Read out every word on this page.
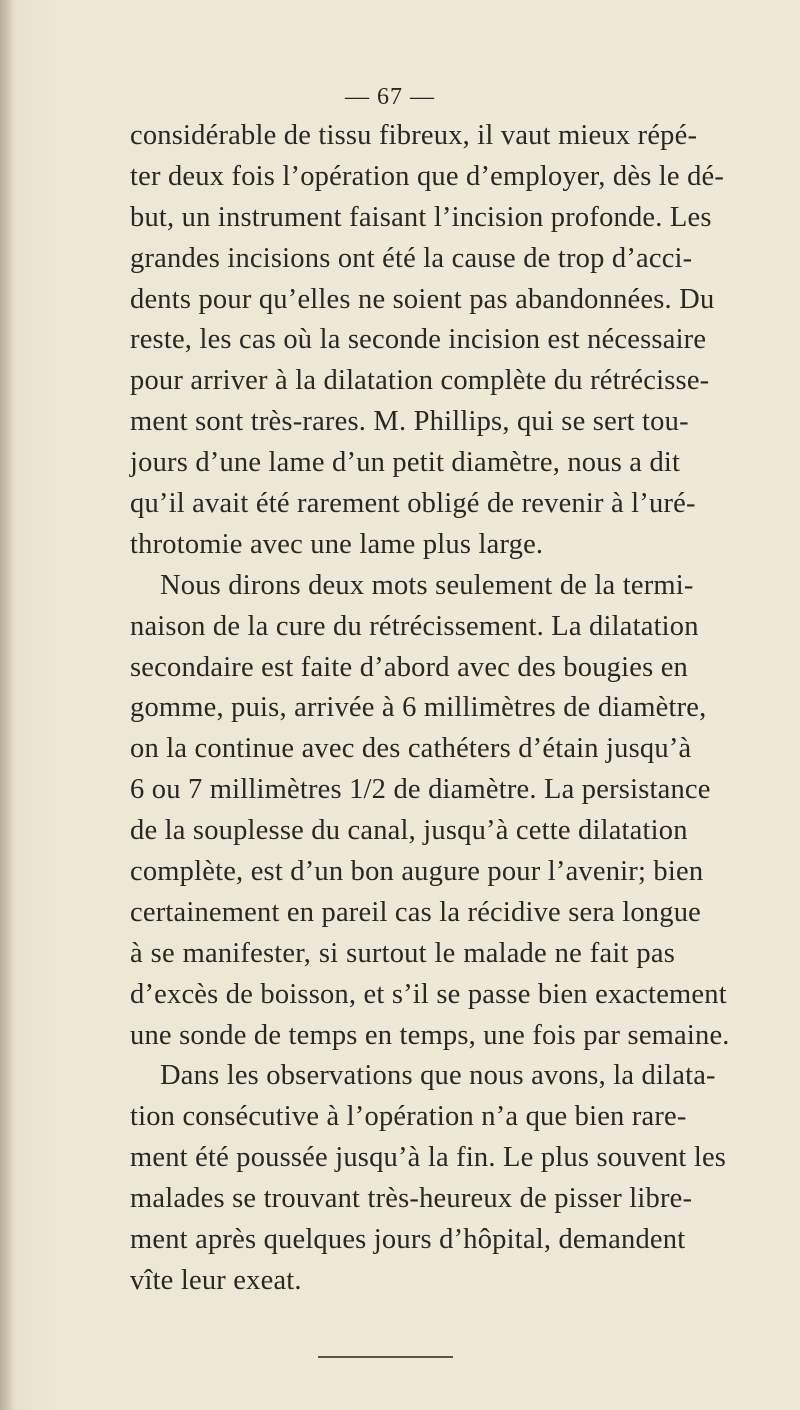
— 67 —
considérable de tissu fibreux, il vaut mieux répé-
ter deux fois l’opération que d’employer, dès le dé-
but, un instrument faisant l’incision profonde. Les
grandes incisions ont été la cause de trop d’acci-
dents pour qu’elles ne soient pas abandonnées. Du
reste, les cas où la seconde incision est nécessaire
pour arriver à la dilatation complète du rétrécisse-
ment sont très-rares. M. Phillips, qui se sert tou-
jours d’une lame d’un petit diamètre, nous a dit
qu’il avait été rarement obligé de revenir à l’uré-
throtomie avec une lame plus large.
Nous dirons deux mots seulement de la termi-
naison de la cure du rétrécissement. La dilatation
secondaire est faite d’abord avec des bougies en
gomme, puis, arrivée à 6 millimètres de diamètre,
on la continue avec des cathéters d’étain jusqu’à
6 ou 7 millimètres 1/2 de diamètre. La persistance
de la souplesse du canal, jusqu’à cette dilatation
complète, est d’un bon augure pour l’avenir; bien
certainement en pareil cas la récidive sera longue
à se manifester, si surtout le malade ne fait pas
d’excès de boisson, et s’il se passe bien exactement
une sonde de temps en temps, une fois par semaine.
Dans les observations que nous avons, la dilata-
tion consécutive à l’opération n’a que bien rare-
ment été poussée jusqu’à la fin. Le plus souvent les
malades se trouvant très-heureux de pisser libre-
ment après quelques jours d’hôpital, demandent
vîte leur exeat.
